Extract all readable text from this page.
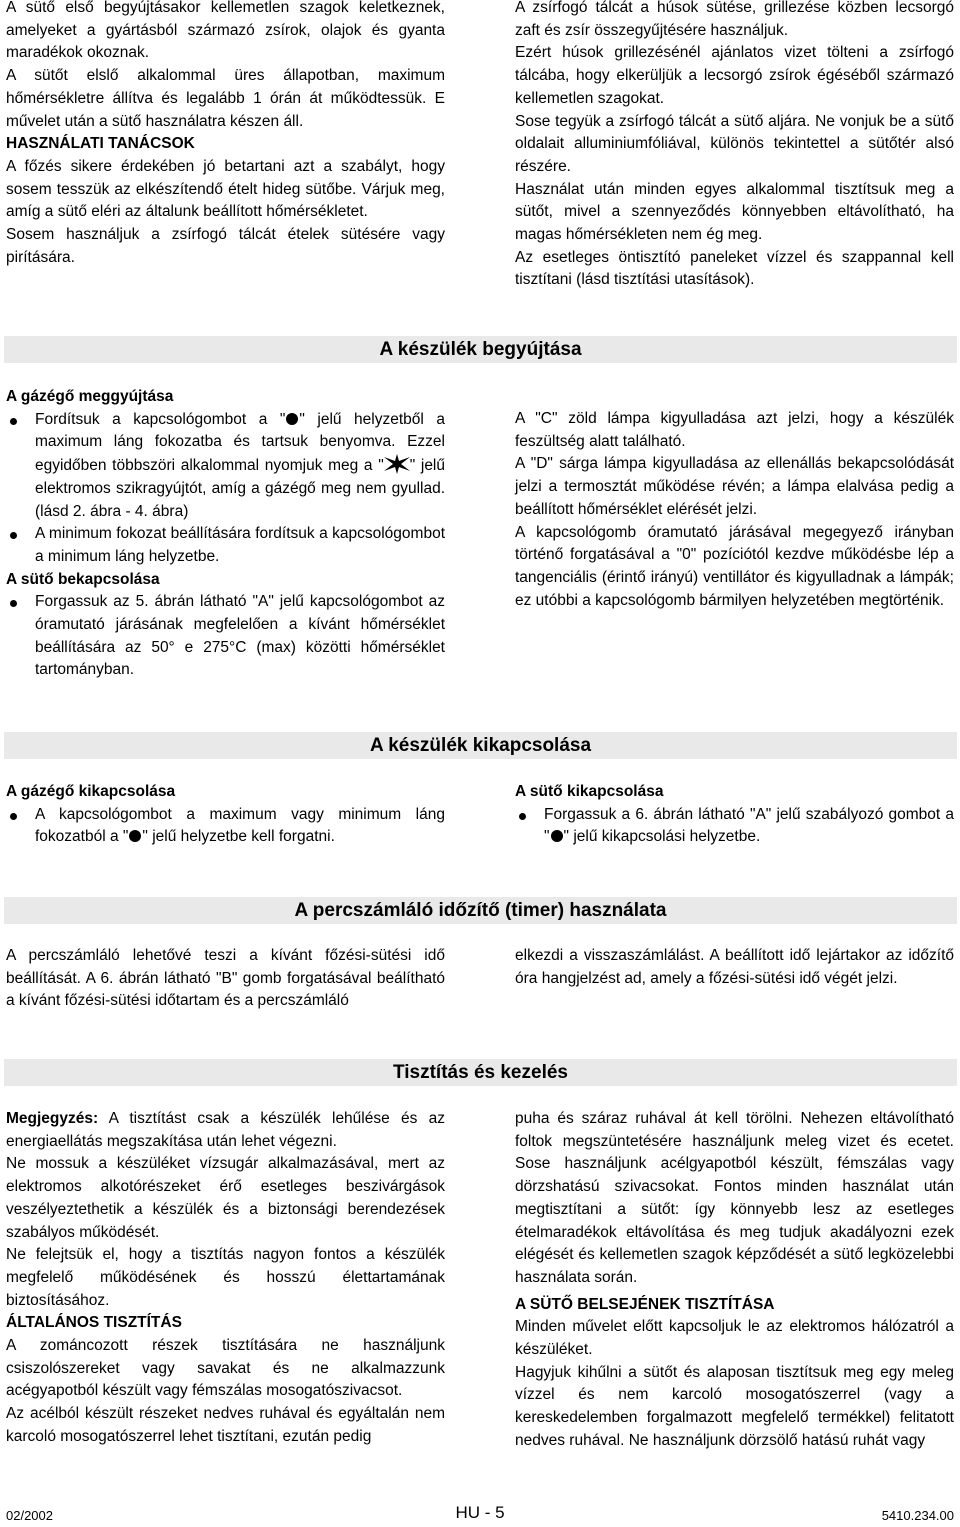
A sütő első begyújtásakor kellemetlen szagok keletkeznek, amelyeket a gyártásból származó zsírok, olajok és gyanta maradékok okoznak.

A sütőt elslő alkalommal üres állapotban, maximum hőmérsékletre állítva és legalább 1 órán át működtessük. E művelet után a sütő használatra készen áll.

HASZNÁLATI TANÁCSOK

A főzés sikere érdekében jó betartani azt a szabályt, hogy sosem tesszük az elkészítendő ételt hideg sütőbe. Várjuk meg, amíg a sütő eléri az általunk beállított hőmérsékletet.

Sosem használjuk a zsírfogó tálcát ételek sütésére vagy pirítására.

A zsírfogó tálcát a húsok sütése, grillezése közben lecsorgó zaft és zsír összegyűjtésére használjuk.

Ezért húsok grillezésénél ajánlatos vizet tölteni a zsírfogó tálcába, hogy elkerüljük a lecsorgó zsírok égéséből származó kellemetlen szagokat.

Sose tegyük a zsírfogó tálcát a sütő aljára. Ne vonjuk be a sütő oldalait alluminiumfóliával, különös tekintettel a sütőtér alsó részére.

Használat után minden egyes alkalommal tisztítsuk meg a sütőt, mivel a szennyeződés könnyebben eltávolítható, ha magas hőmérsékleten nem ég meg.

Az esetleges öntisztító paneleket vízzel és szappannal kell tisztítani (lásd tisztítási utasítások).

A készülék begyújtása

A gázégő meggyújtása

Fordítsuk a kapcsológombot a " " jelű helyzetből a maximum láng fokozatba és tartsuk benyomva. Ezzel egyidőben többszöri alkalommal nyomjuk meg a " " jelű elektromos szikragyújtót, amíg a gázégő meg nem gyullad. (lásd 2. ábra - 4. ábra)
A minimum fokozat beállítására fordítsuk a kapcsológombot a minimum láng helyzetbe.

A sütő bekapcsolása

Forgassuk az 5. ábrán látható "A" jelű kapcsológombot az óramutató járásának megfelelően a kívánt hőmérséklet beállítására az 50° e 275°C (max) közötti hőmérséklet tartományban.

A "C" zöld lámpa kigyulladása azt jelzi, hogy a készülék feszültség alatt található.

A "D" sárga lámpa kigyulladása az ellenállás bekapcsolódását jelzi a termosztát működése révén; a lámpa elalvása pedig a beállított hőmérséklet elérését jelzi.

A kapcsológomb óramutató járásával megegyező irányban történő forgatásával a "0" pozíciótól kezdve működésbe lép a tangenciális (érintő irányú) ventillátor és kigyulladnak a lámpák; ez utóbbi a kapcsológomb bármilyen helyzetében megtörténik.

A készülék kikapcsolása

A gázégő kikapcsolása

A kapcsológombot a maximum vagy minimum láng fokozatból a " " jelű helyzetbe kell forgatni.

A sütő kikapcsolása

Forgassuk a 6. ábrán látható "A" jelű szabályozó gombot a " " jelű kikapcsolási helyzetbe.
A percszámláló időzítő (timer) használata

A percszámláló lehetővé teszi a kívánt főzési-sütési idő beállítását. A 6. ábrán látható "B" gomb forgatásával beálítható a kívánt főzési-sütési időtartam és a percszámláló

elkezdi a visszaszámlálást. A beállított idő lejártakor az időzítő óra hangjelzést ad, amely a főzési-sütési idő végét jelzi.

Tisztítás és kezelés

Megjegyzés: A tisztítást csak a készülék lehűlése és az energiaellátás megszakítása után lehet végezni.

Ne mossuk a készüléket vízsugár alkalmazásával, mert az elektromos alkotórészeket érő esetleges beszivárgások veszélyeztethetik a készülék és a biztonsági berendezések szabályos működését.

Ne felejtsük el, hogy a tisztítás nagyon fontos a készülék megfelelő működésének és hosszú élettartamának biztosításához.

ÁLTALÁNOS TISZTÍTÁS

A zománcozott részek tisztítására ne használjunk csiszolószereket vagy savakat és ne alkalmazzunk acégyapotból készült vagy fémszálas mosogatószivacsot.

Az acélból készült részeket nedves ruhával és egyáltalán nem karcoló mosogatószerrel lehet tisztítani, ezután pedig

puha és száraz ruhával át kell törölni. Nehezen eltávolítható foltok megszüntetésére használjunk meleg vizet és ecetet. Sose használjunk acélgyapotból készült, fémszálas vagy dörzshatású szivacsokat. Fontos minden használat után megtisztítani a sütőt: így könnyebb lesz az esetleges ételmaradékok eltávolítása és meg tudjuk akadályozni ezek elégését és kellemetlen szagok képződését a sütő legközelebbi használata során.

A SÜTŐ BELSEJÉNEK TISZTÍTÁSA

Minden művelet előtt kapcsoljuk le az elektromos hálózatról a készüléket.

Hagyjuk kihűlni a sütőt és alaposan tisztítsuk meg egy meleg vízzel és nem karcoló mosogatószerrel (vagy a kereskedelemben forgalmazott megfelelő termékkel) felitatott nedves ruhával. Ne használjunk dörzsölő hatású ruhát vagy

02/2002	HU - 5	5410.234.00
